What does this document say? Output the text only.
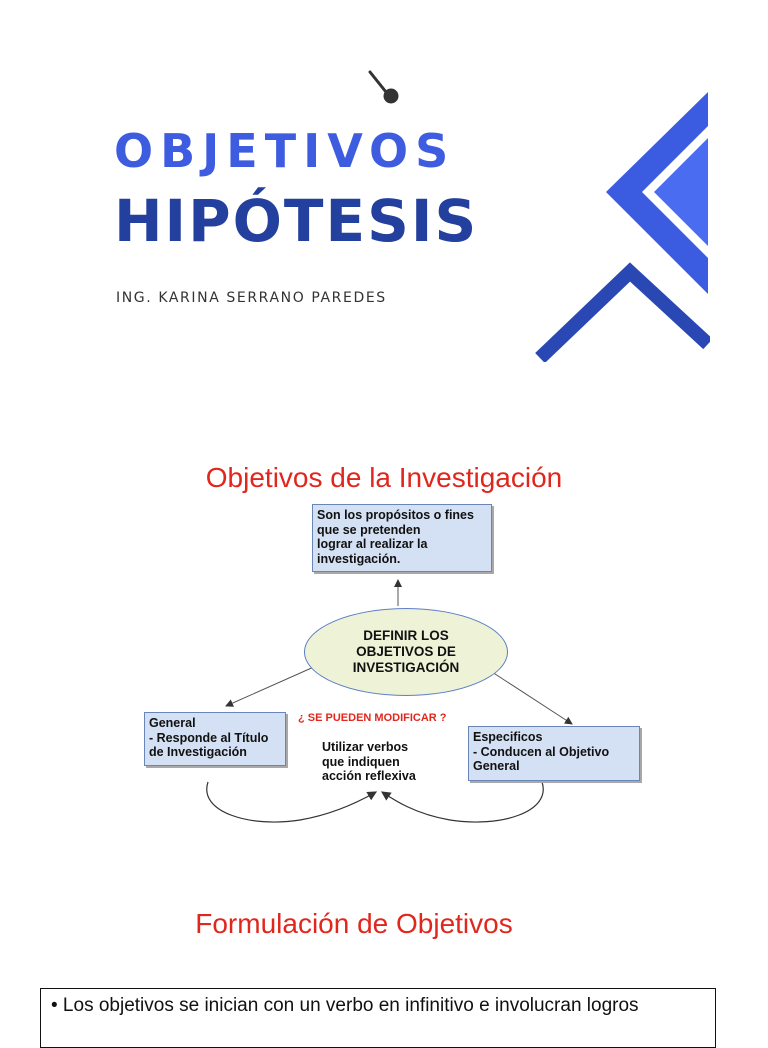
OBJETIVOS
HIPÓTESIS
ING. KARINA SERRANO PAREDES
Objetivos de la Investigación
Son los propósitos o fines
que se pretenden
lograr al realizar la
investigación.
DEFINIR LOS
OBJETIVOS DE
INVESTIGACIÓN
¿ SE PUEDEN MODIFICAR ?
General
- Responde al Título
de Investigación	Utilizar verbos
que indiquen
acción reflexiva
Especificos
- Conducen al Objetivo
General
Formulación de Objetivos
• Los objetivos se inician con un verbo en infinitivo e involucran logros
